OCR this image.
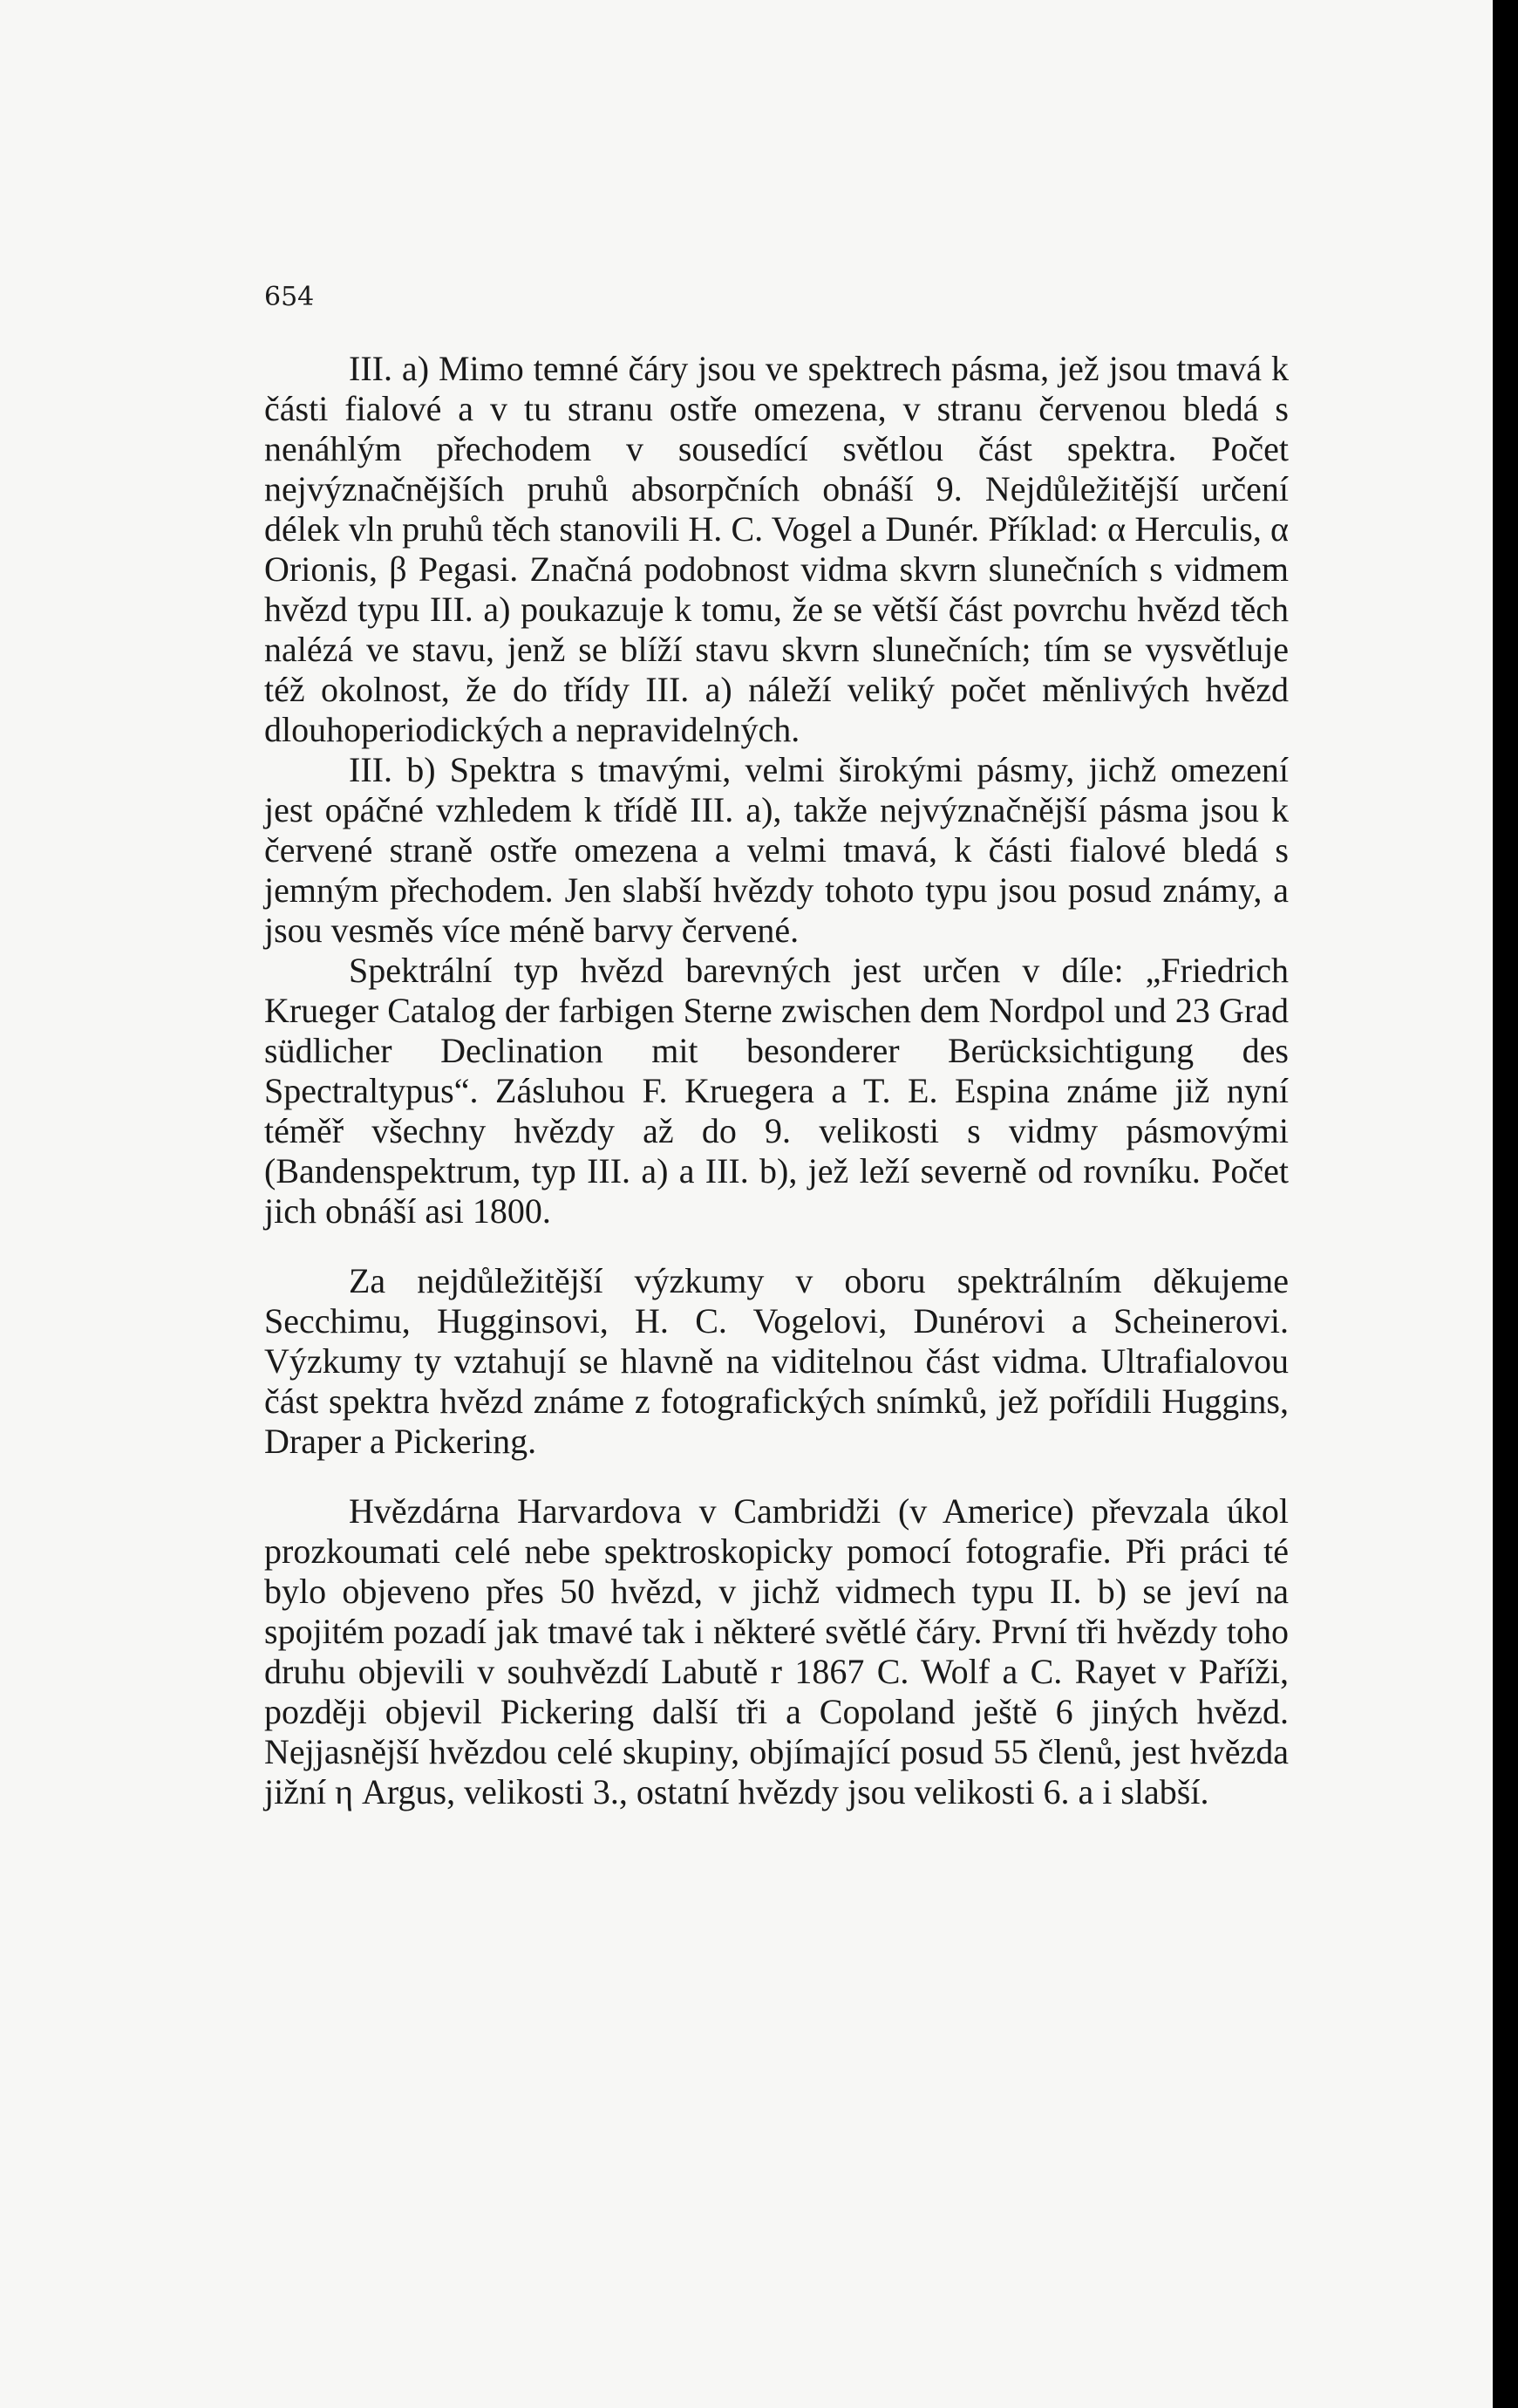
654

III. a) Mimo temné čáry jsou ve spektrech pásma, jež jsou tmavá k části fialové a v tu stranu ostře omezena, v stranu červenou bledá s nenáhlým přechodem v sousedící světlou část spektra. Počet nejvýznačnějších pruhů absorpčních obnáší 9. Nejdůležitější určení délek vln pruhů těch stanovili H. C. Vogel a Dunér. Příklad: α Herculis, α Orionis, β Pegasi. Značná podobnost vidma skvrn slunečních s vidmem hvězd typu III. a) poukazuje k tomu, že se větší část povrchu hvězd těch nalézá ve stavu, jenž se blíží stavu skvrn slunečních; tím se vysvětluje též okolnost, že do třídy III. a) náleží veliký počet měnlivých hvězd dlouhoperiodických a nepravidelných.

III. b) Spektra s tmavými, velmi širokými pásmy, jichž omezení jest opáčné vzhledem k třídě III. a), takže nejvýznačnější pásma jsou k červené straně ostře omezena a velmi tmavá, k části fialové bledá s jemným přechodem. Jen slabší hvězdy tohoto typu jsou posud známy, a jsou vesměs více méně barvy červené.

Spektrální typ hvězd barevných jest určen v díle: „Friedrich Krueger Catalog der farbigen Sterne zwischen dem Nordpol und 23 Grad südlicher Declination mit besonderer Berücksichtigung des Spectraltypus“. Zásluhou F. Kruegera a T. E. Espina známe již nyní téměř všechny hvězdy až do 9. velikosti s vidmy pásmovými (Bandenspektrum, typ III. a) a III. b), jež leží severně od rovníku. Počet jich obnáší asi 1800.

Za nejdůležitější výzkumy v oboru spektrálním děkujeme Secchimu, Hugginsovi, H. C. Vogelovi, Dunérovi a Scheinerovi. Výzkumy ty vztahují se hlavně na viditelnou část vidma. Ultrafialovou část spektra hvězd známe z fotografických snímků, jež pořídili Huggins, Draper a Pickering.

Hvězdárna Harvardova v Cambridži (v Americe) převzala úkol prozkoumati celé nebe spektroskopicky pomocí fotografie. Při práci té bylo objeveno přes 50 hvězd, v jichž vidmech typu II. b) se jeví na spojitém pozadí jak tmavé tak i některé světlé čáry. První tři hvězdy toho druhu objevili v souhvězdí Labutě r 1867 C. Wolf a C. Rayet v Paříži, později objevil Pickering další tři a Copoland ještě 6 jiných hvězd. Nejjasnější hvězdou celé skupiny, objímající posud 55 členů, jest hvězda jižní η Argus, velikosti 3., ostatní hvězdy jsou velikosti 6. a i slabší.
